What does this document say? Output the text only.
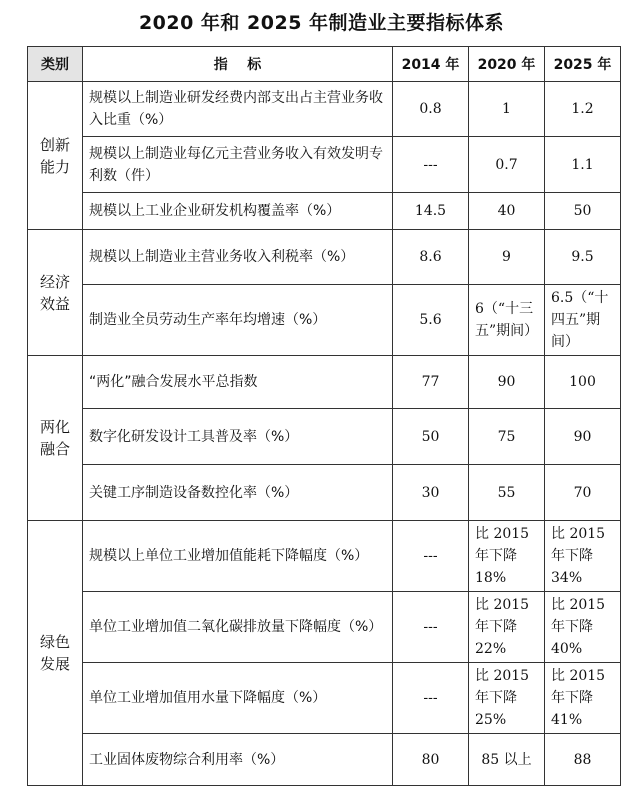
2020 年和 2025 年制造业主要指标体系
类别	指    标	2014 年	2020 年	2025 年
创新能力	规模以上制造业研发经费内部支出占主营业务收入比重（%）	0.8	1	1.2
	规模以上制造业每亿元主营业务收入有效发明专利数（件）	---	0.7	1.1
	规模以上工业企业研发机构覆盖率（%）	14.5	40	50
经济效益	规模以上制造业主营业务收入利税率（%）	8.6	9	9.5
	制造业全员劳动生产率年均增速（%）	5.6	6（“十三五”期间）	6.5（“十四五”期间）
两化融合	“两化”融合发展水平总指数	77	90	100
	数字化研发设计工具普及率（%）	50	75	90
	关键工序制造设备数控化率（%）	30	55	70
绿色发展	规模以上单位工业增加值能耗下降幅度（%）	---	比 2015 年下降 18%	比 2015 年下降 34%
	单位工业增加值二氧化碳排放量下降幅度（%）	---	比 2015 年下降 22%	比 2015 年下降 40%
	单位工业增加值用水量下降幅度（%）	---	比 2015 年下降 25%	比 2015 年下降 41%
	工业固体废物综合利用率（%）	80	85 以上	88
